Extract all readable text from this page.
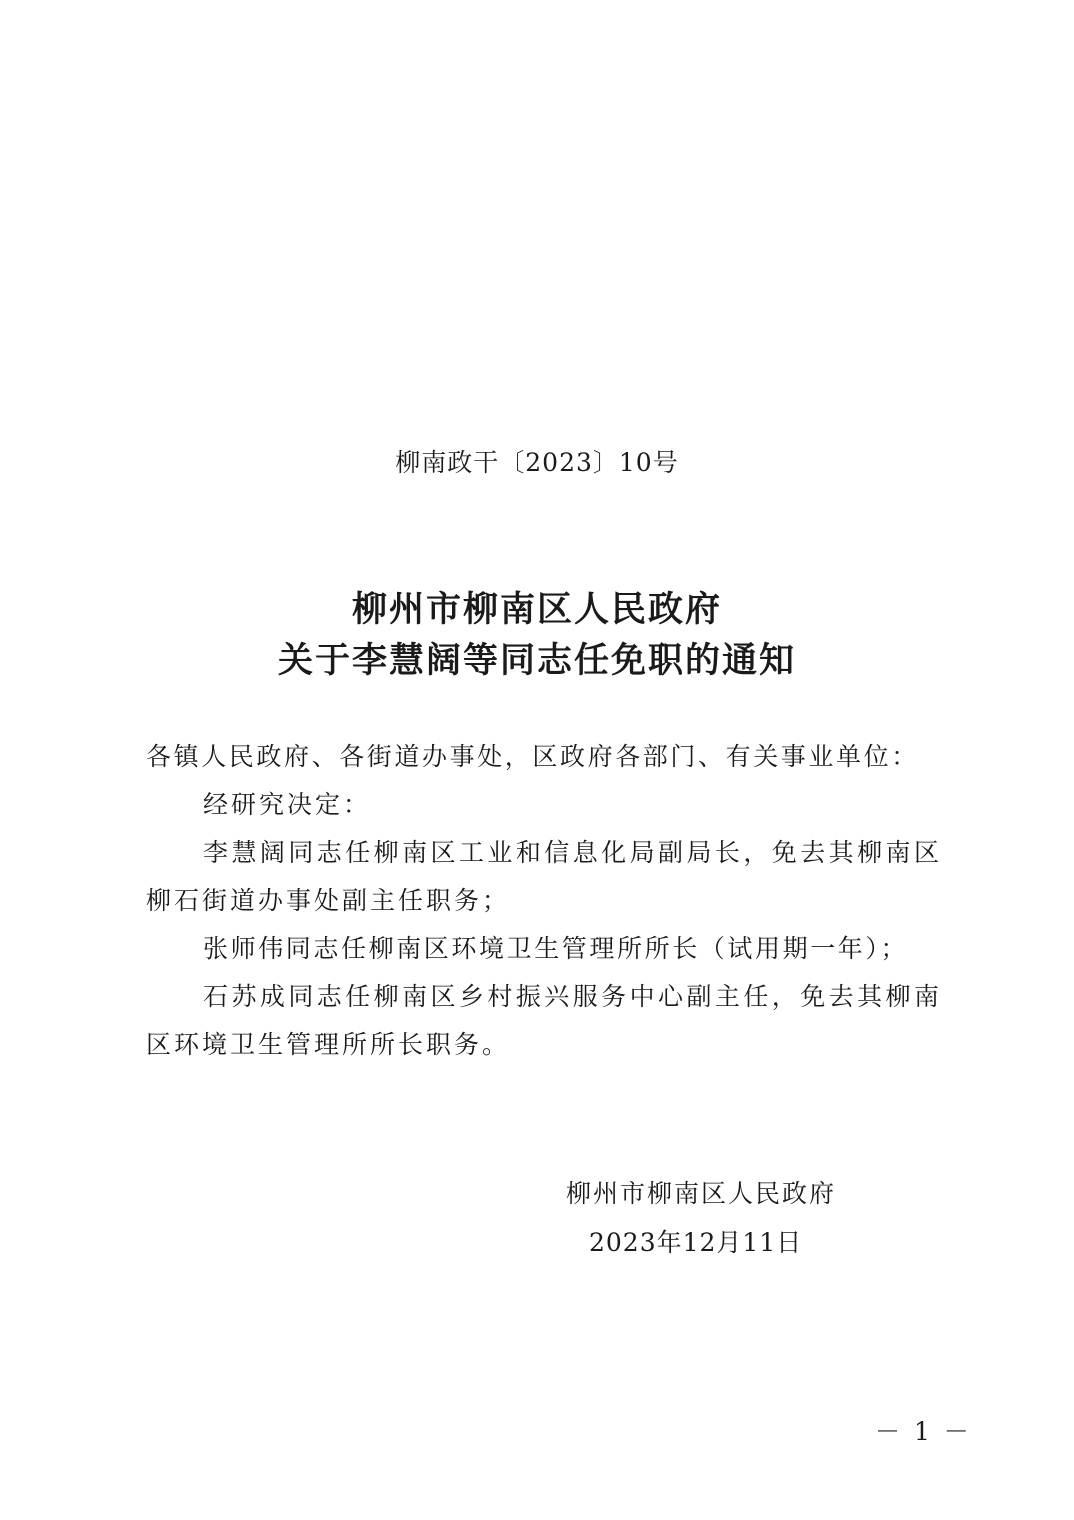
柳南政干〔2023〕10号
柳州市柳南区人民政府
关于李慧阔等同志任免职的通知
各镇人民政府、各街道办事处，区政府各部门、有关事业单位：
经研究决定：
李慧阔同志任柳南区工业和信息化局副局长，免去其柳南区柳石街道办事处副主任职务；
张师伟同志任柳南区环境卫生管理所所长（试用期一年）；
石苏成同志任柳南区乡村振兴服务中心副主任，免去其柳南区环境卫生管理所所长职务。
柳州市柳南区人民政府
2023年12月11日
－ 1 －
